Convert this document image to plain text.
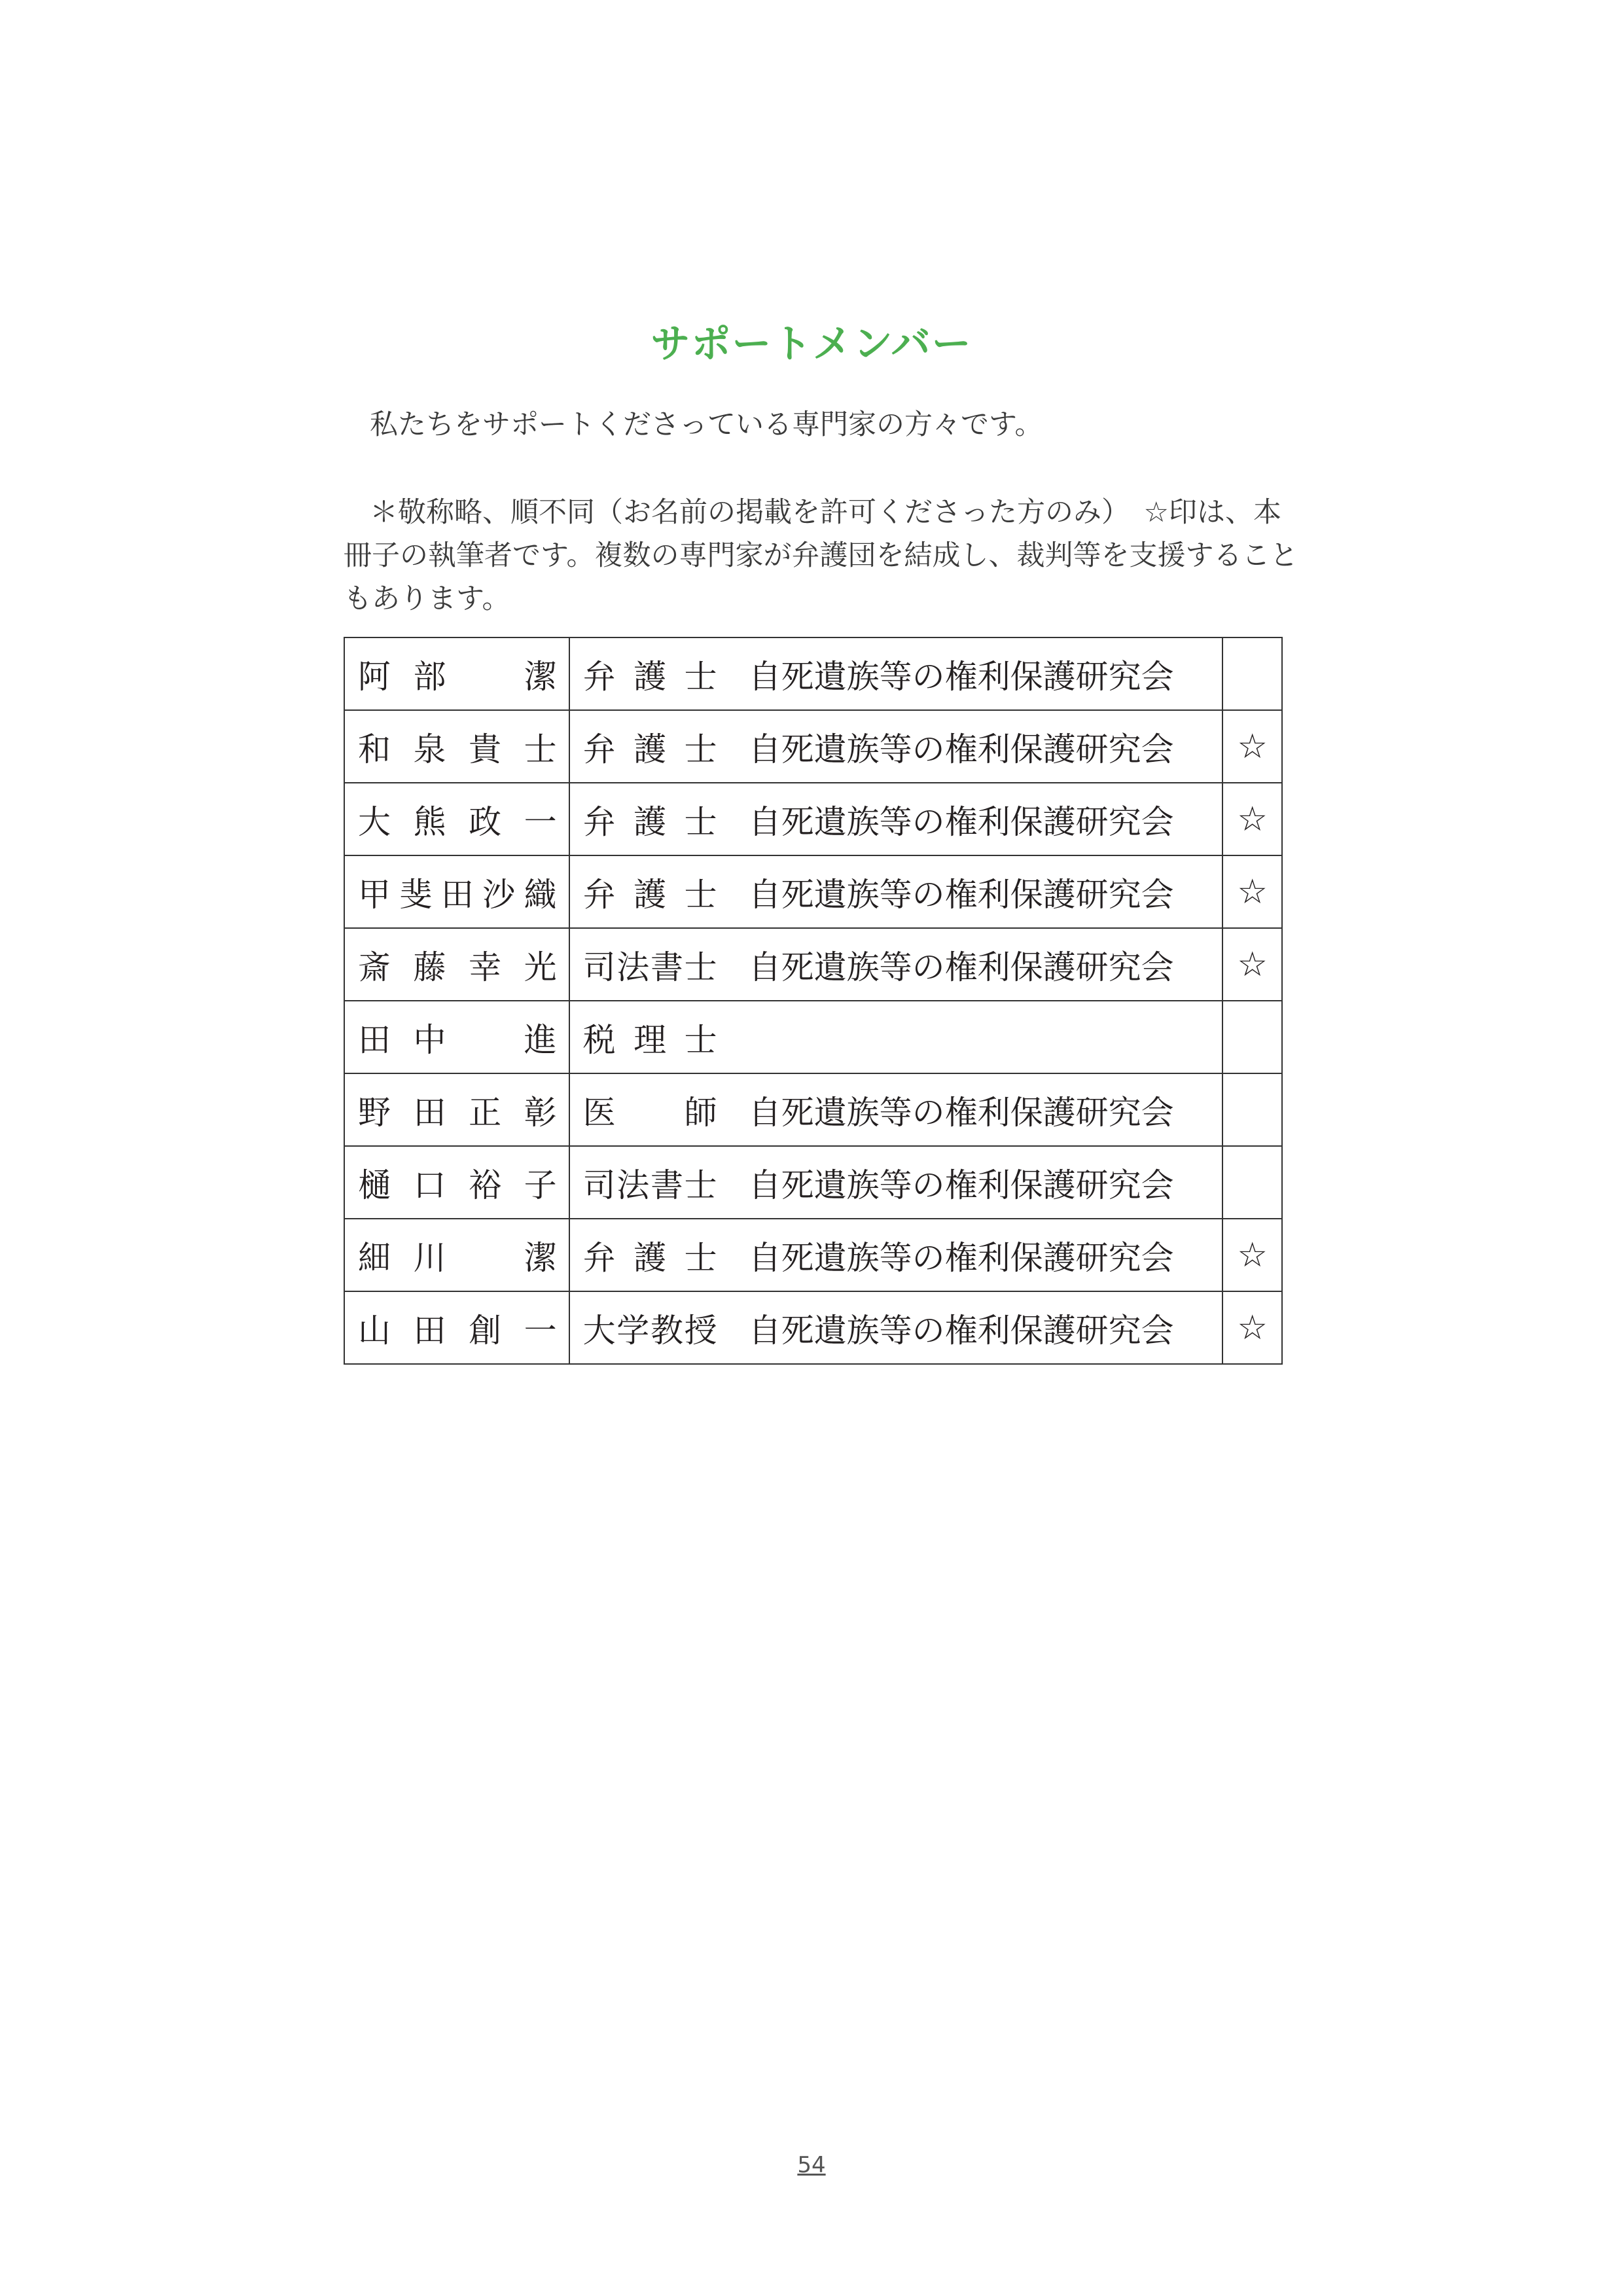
サポートメンバー
私たちをサポートくださっている専門家の方々です。
＊敬称略、順不同（お名前の掲載を許可くださった方のみ）　☆印は、本冊子の執筆者です。複数の専門家が弁護団を結成し、裁判等を支援することもあります。
阿部　潔	弁護士 自死遺族等の権利保護研究会	

和泉貴士	弁護士 自死遺族等の権利保護研究会	☆

大熊政一	弁護士 自死遺族等の権利保護研究会	☆

甲斐田沙織	弁護士 自死遺族等の権利保護研究会	☆

斎藤幸光	司法書士 自死遺族等の権利保護研究会	☆

田中　進	税理士	

野田正彰	医師 自死遺族等の権利保護研究会	

樋口裕子	司法書士 自死遺族等の権利保護研究会	

細川　潔	弁護士 自死遺族等の権利保護研究会	☆

山田創一	大学教授 自死遺族等の権利保護研究会	☆
54
